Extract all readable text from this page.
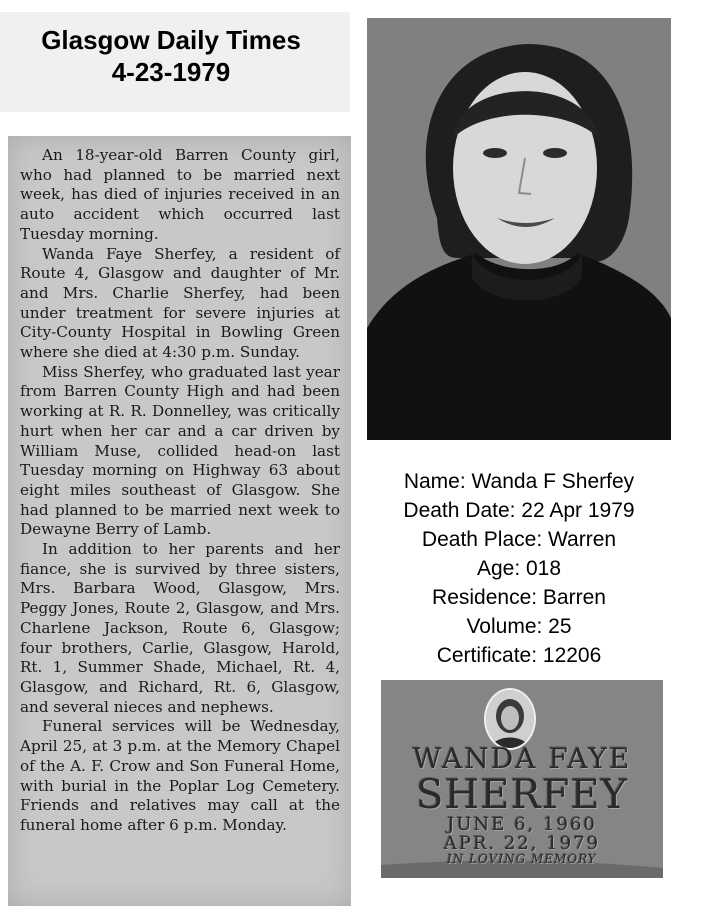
Glasgow Daily Times
4-23-1979

An 18-year-old Barren County girl, who had planned to be married next week, has died of injuries received in an auto accident which occurred last Tuesday morning.

Wanda Faye Sherfey, a resident of Route 4, Glasgow and daughter of Mr. and Mrs. Charlie Sherfey, had been under treatment for severe injuries at City-County Hospital in Bowling Green where she died at 4:30 p.m. Sunday.

Miss Sherfey, who graduated last year from Barren County High and had been working at R. R. Donnelley, was critically hurt when her car and a car driven by William Muse, collided head-on last Tuesday morning on Highway 63 about eight miles southeast of Glasgow. She had planned to be married next week to Dewayne Berry of Lamb.

In addition to her parents and her fiance, she is survived by three sisters, Mrs. Barbara Wood, Glasgow, Mrs. Peggy Jones, Route 2, Glasgow, and Mrs. Charlene Jackson, Route 6, Glasgow; four brothers, Carlie, Glasgow, Harold, Rt. 1, Summer Shade, Michael, Rt. 4, Glasgow, and Richard, Rt. 6, Glasgow, and several nieces and nephews.

Funeral services will be Wednesday, April 25, at 3 p.m. at the Memory Chapel of the A. F. Crow and Son Funeral Home, with burial in the Poplar Log Cemetery. Friends and relatives may call at the funeral home after 6 p.m. Monday.

Name: Wanda F Sherfey
Death Date: 22 Apr 1979
Death Place: Warren
Age: 018
Residence: Barren
Volume: 25
Certificate: 12206
WANDA FAYE
SHERFEY
JUNE 6, 1960
APR. 22, 1979
IN LOVING MEMORY
